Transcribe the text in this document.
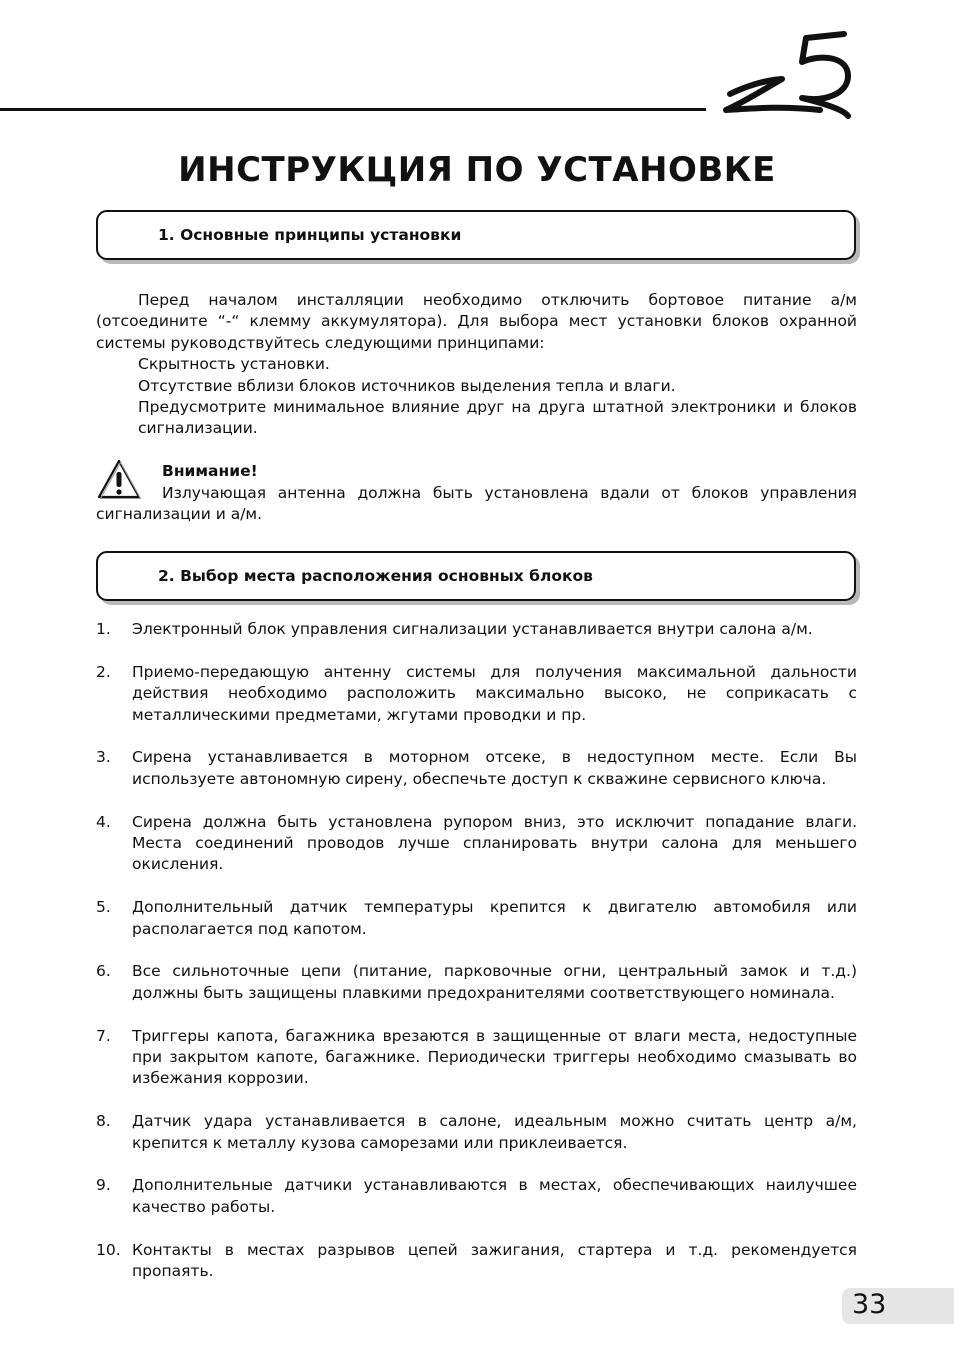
ИНСТРУКЦИЯ ПО УСТАНОВКЕ
1. Основные принципы установки
Перед началом инсталляции необходимо отключить бортовое питание а/м (отсоедините “-“ клемму аккумулятора). Для выбора мест установки блоков охранной системы руководствуйтесь следующими принципами:
Скрытность установки.
Отсутствие вблизи блоков источников выделения тепла и влаги.
Предусмотрите минимальное влияние друг на друга штатной электроники и блоков сигнализации.
Внимание!
Излучающая антенна должна быть установлена вдали от блоков управления сигнализации и а/м.
2. Выбор места расположения основных блоков
1.	Электронный блок управления сигнализации устанавливается внутри салона а/м.
2.	Приемо-передающую антенну системы для получения максимальной дальности действия необходимо расположить максимально высоко, не соприкасать с металлическими предметами, жгутами проводки и пр.
3.	Сирена устанавливается в моторном отсеке, в недоступном месте. Если Вы используете автономную сирену, обеспечьте доступ к скважине сервисного ключа.
4.	Сирена должна быть установлена рупором вниз, это исключит попадание влаги. Места соединений проводов лучше спланировать внутри салона для меньшего окисления.
5.	Дополнительный датчик температуры крепится к двигателю автомобиля или располагается под капотом.
6.	Все сильноточные цепи (питание, парковочные огни, центральный замок и т.д.) должны быть защищены плавкими предохранителями соответствующего номинала.
7.	Триггеры капота, багажника врезаются в защищенные от влаги места, недоступные при закрытом капоте, багажнике. Периодически триггеры необходимо смазывать во избежания коррозии.
8.	Датчик удара устанавливается в салоне, идеальным можно считать центр а/м, крепится к металлу кузова саморезами или приклеивается.
9.	Дополнительные датчики устанавливаются в местах, обеспечивающих наилучшее качество работы.
10. Контакты в местах разрывов цепей зажигания, стартера и т.д. рекомендуется пропаять.
33
